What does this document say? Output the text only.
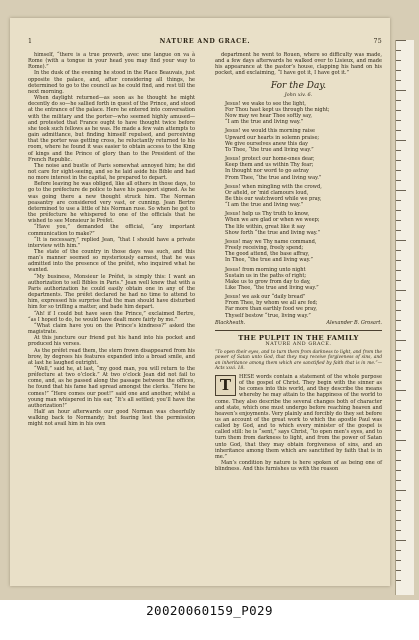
1	NATURE AND GRACE.	75

himself, “there is a true proverb, avec une langue on va à Rome (with a tongue in your head you may find your way to Rome).”

In the dusk of the evening he stood in the Place Beauvais, just opposite the palace, and, after considering all things, he determined to go to the council as he could find, and rest till the next morning.

When daylight returned—as soon as he thought he might decently do so—he sallied forth in quest of the Prince, and stood at the entrance of the palace. Here he entered into conversation with the military and the porter—who seemed highly amused—and protested that France ought to have thought twice before she took such fellows as he was. He made a few vain attempts to gain admittance, but finding himself repulsed, and perceiving that the porter was getting cross, he reluctantly returned to his room, where he found it was easier to obtain access to the King of kings and the Prince of glory than to the President of the French Republic.

The noise and bustle of Paris somewhat annoyed him; he did not care for sight-seeing, and so he laid aside his Bible and had no more interest in the capital, he prepared to depart.

Before leaving he was obliged, like all others in those days, to go to the préfecture de police to have his passport signed. As he was going there a new thought struck him. The Norman peasantry are considered very vast, or cunning. Jean Bertre determined to use a little of his Norman ruse. So when he got to the préfecture he whispered to one of the officials that he wished to see Monsieur le Préfet.

“Have you,” demanded the official, “any important communication to make?”

“It is necessary,” replied Jean, “that I should have a private interview with him.”

The state of the country in those days was such, and this man’s manner seemed so mysteriously earnest, that he was admitted into the presence of the préfet, who inquired what he wanted.

“My business, Monsieur le Préfet, is simply this: I want an authorization to sell Bibles in Paris.” Jean well knew that with a Paris authorization he could easily obtain one in any of the departments. The préfet declared he had no time to attend to him, expressed his surprise that the man should have disturbed him for so trifling a matter, and bade him depart.

“Ah! if I could but have seen the Prince,” exclaimed Bertre, “as I hoped to do, he would have dealt more fairly by me.”

“What claim have you on the Prince’s kindness?” asked the magistrate.

At this juncture our friend put his hand into his pocket and produced his verses.

As the préfet read them, the stern frown disappeared from his brow, by degrees his features expanded into a broad smile, and at last he laughed outright.

“Well,” said he, at last, “my good man, you will return to the préfecture at two o’clock.” At two o’clock Jean did not fail to come, and, as he passed along the passage between the offices, he found that his fame had spread amongst the clerks. “Here he comes!” “Here comes our poet!” said one and another, whilst a young man whispered in his ear, “It’s all settled; you’ll have the authorization!”

Half an hour afterwards our good Norman was cheerfully walking back to Normandy; but fearing lest the permission might not avail him in his own

department he went to Rouen, where so difficulty was made, and a few days afterwards he walked over to Lisieux, and made his appearance at the pastor’s house, clapping his hand on his pocket, and exclaiming, “I have got it, I have got it.”

For the Day.
John xiv. 6.
Jesus! we wake to see the light,
For Thou hast kept us through the night;
Now may we hear Thee softly say,
“I am the true and living way.”
Jesus! we would this morning raise
Upward our hearts in solemn praise;
We give ourselves anew this day
To Thee, “the true and living way.”
Jesus! protect our home-ones dear,
Keep them and us within Thy fear;
In thought nor word to go astray
From Thee, “the true and living way.”
Jesus! when mingling with the crowd,
Or afield, or ’mid clamours loud,
Be this our watchword while we pray,
“I am the true and living way.”
Jesus! help us Thy truth to know,
When we are glad or when we weep;
The life within, great like it say
Show forth “the true and living way.”
Jesus! may we Thy name command,
Freely receiving, freely spend;
The good attend, the base affray,
In Thee, “the true and living way.”
Jesus! from morning unto night
Sustain us in the paths of right;
Make us to grow from day to day,
Like Thee, “the true and living way.”
Jesus! we ask our “daily bread”
From Thee, by whom we all are fed;
Far more than earthly food we pray,
Thyself bestow “true, living way.”
Blackheath.	Alexander B. Grosart.
THE PULPIT IN THE FAMILY
NATURE AND GRACE.
“To open their eyes, and to turn them from darkness to light, and from the power of Satan unto God, that they may receive forgiveness of sins, and an inheritance among them which are sanctified by faith that is in me.”—Acts xxvi. 18.
T	HESE words contain a statement of the whole purpose of the gospel of Christ. They begin with the sinner as he comes into this world, and they describe the means whereby he may attain to the happiness of the world to come. They also describe the several changes both of character and state, which one must undergo before reaching heaven and heaven’s enjoyments. Very plainly and forcibly do they set before us an account of the great work to which the apostle Paul was called by God, and to which every minister of the gospel is called still: he is “sent,” says Christ, “to open men’s eyes, and to turn them from darkness to light, and from the power of Satan unto God, that they may obtain forgiveness of sins, and an inheritance among them which are sanctified by faith that is in me.”

Man’s condition by nature is here spoken of as being one of blindness. And this furnishes us with the reason

20020060159_P029
